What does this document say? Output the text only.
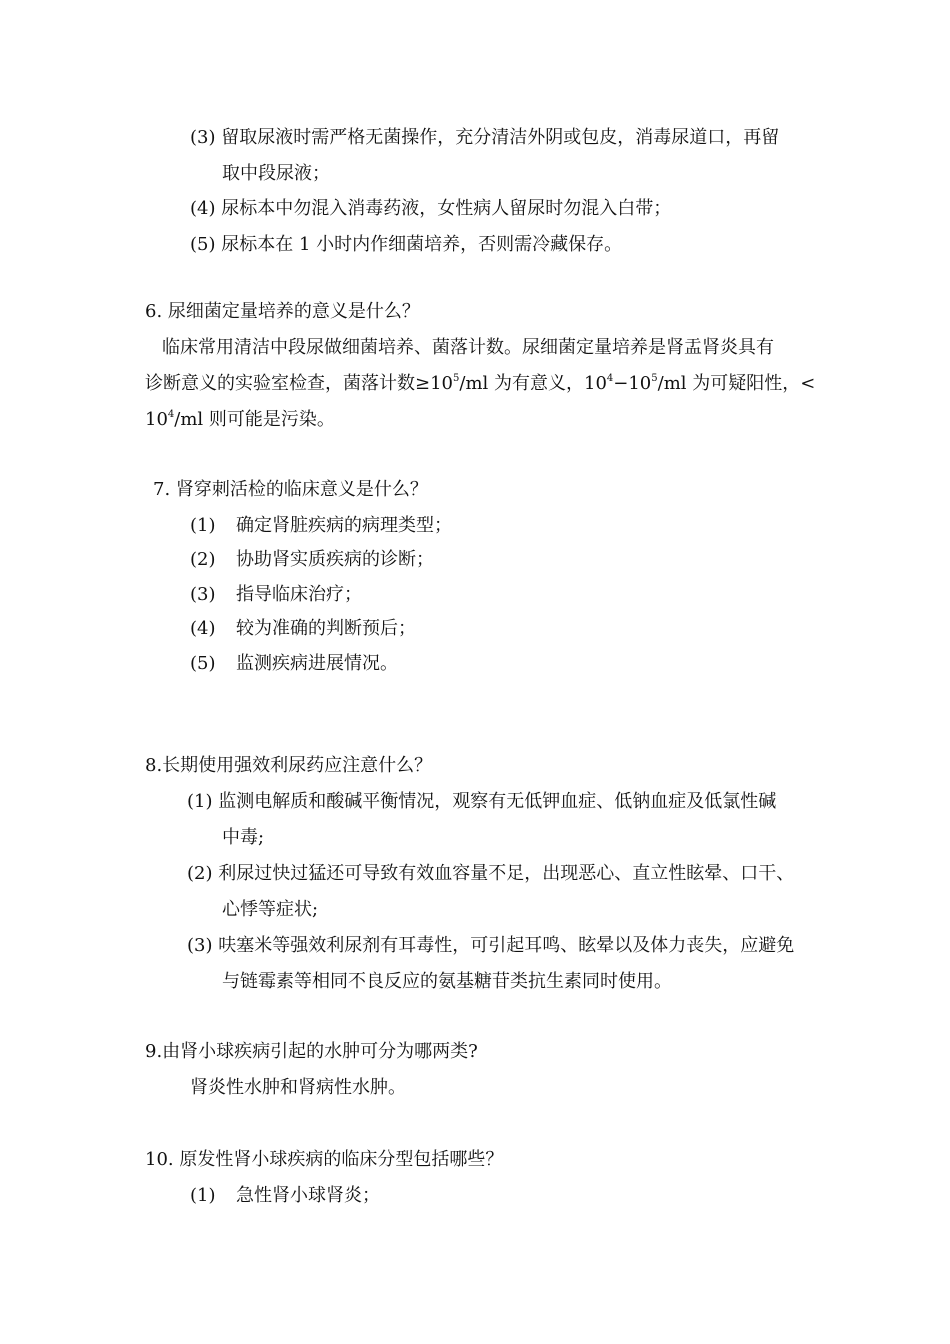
(3) 留取尿液时需严格无菌操作，充分清洁外阴或包皮，消毒尿道口，再留
取中段尿液；
(4) 尿标本中勿混入消毒药液，女性病人留尿时勿混入白带；
(5) 尿标本在 1 小时内作细菌培养，否则需冷藏保存。
6. 尿细菌定量培养的意义是什么？
临床常用清洁中段尿做细菌培养、菌落计数。尿细菌定量培养是肾盂肾炎具有
诊断意义的实验室检查，菌落计数$\ge 10^5/ml$ 为有意义，$10^4-10^5/ml$ 为可疑阳性，<
$10^4/ml$ 则可能是污染。
7. 肾穿刺活检的临床意义是什么？
(1) 确定肾脏疾病的病理类型；
(2) 协助肾实质疾病的诊断；
(3) 指导临床治疗；
(4) 较为准确的判断预后；
(5) 监测疾病进展情况。
8.长期使用强效利尿药应注意什么？
(1) 监测电解质和酸碱平衡情况，观察有无低钾血症、低钠血症及低氯性碱
中毒;
(2) 利尿过快过猛还可导致有效血容量不足，出现恶心、直立性眩晕、口干、
心悸等症状;
(3) 呋塞米等强效利尿剂有耳毒性，可引起耳鸣、眩晕以及体力丧失，应避免
与链霉素等相同不良反应的氨基糖苷类抗生素同时使用。
9.由肾小球疾病引起的水肿可分为哪两类?
肾炎性水肿和肾病性水肿。
10. 原发性肾小球疾病的临床分型包括哪些？
(1) 急性肾小球肾炎；
